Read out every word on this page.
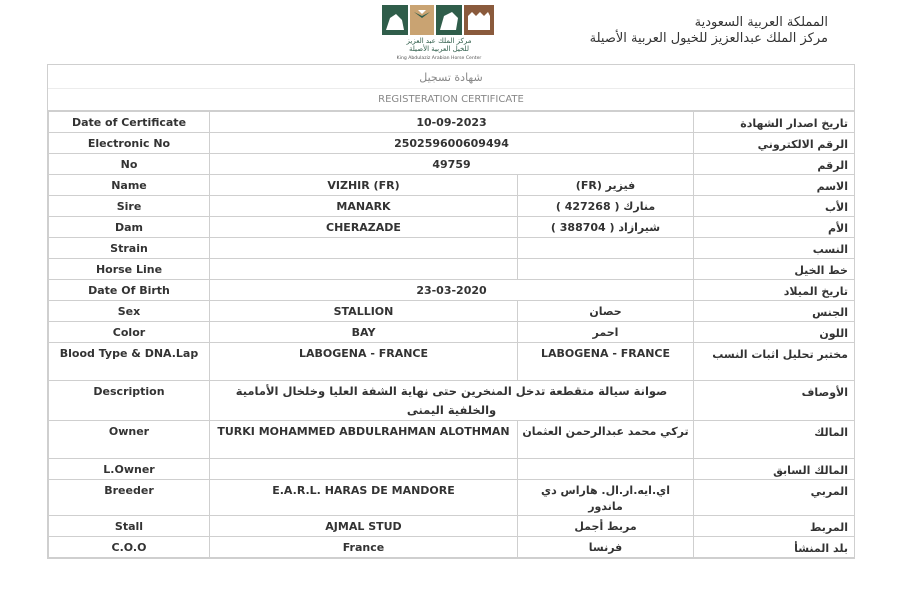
مركز الملك عبد العزيز
للخيل العربية الأصيلة
King Abdulaziz Arabian Horse Center
المملكة العربية السعودية
مركز الملك عبدالعزيز للخيول العربية الأصيلة
شهادة تسجيل
REGISTERATION CERTIFICATE
Date of Certificate	10-09-2023		تاريخ اصدار الشهادة
Electronic No	250259600609494		الرقم الالكتروني
No	49759		الرقم
Name	VIZHIR (FR)	فيزير (FR)	الاسم
Sire	MANARK	منارك ( 427268 )	الأب
Dam	CHERAZADE	شيرازاد ( 388704 )	الأم
Strain			النسب
Horse Line			خط الخيل
Date Of Birth	23-03-2020		تاريخ الميلاد
Sex	STALLION	حصان	الجنس
Color	BAY	احمر	اللون
Blood Type & DNA.Lap	LABOGENA - FRANCE	LABOGENA - FRANCE	مختبر تحليل اثبات النسب
Description	صوانة سيالة متقطعة تدخل المنخرين حتى نهاية الشفة العليا وخلخال الأمامية والخلفية اليمنى		الأوصاف
Owner	TURKI MOHAMMED ABDULRAHMAN ALOTHMAN	تركي محمد عبدالرحمن العثمان	المالك
L.Owner			المالك السابق
Breeder	E.A.R.L. HARAS DE MANDORE	اي.ايه.ار.ال. هاراس دي ماندور	المربي
Stall	AJMAL STUD	مربط أجمل	المربط
C.O.O	France	فرنسا	بلد المنشأ
